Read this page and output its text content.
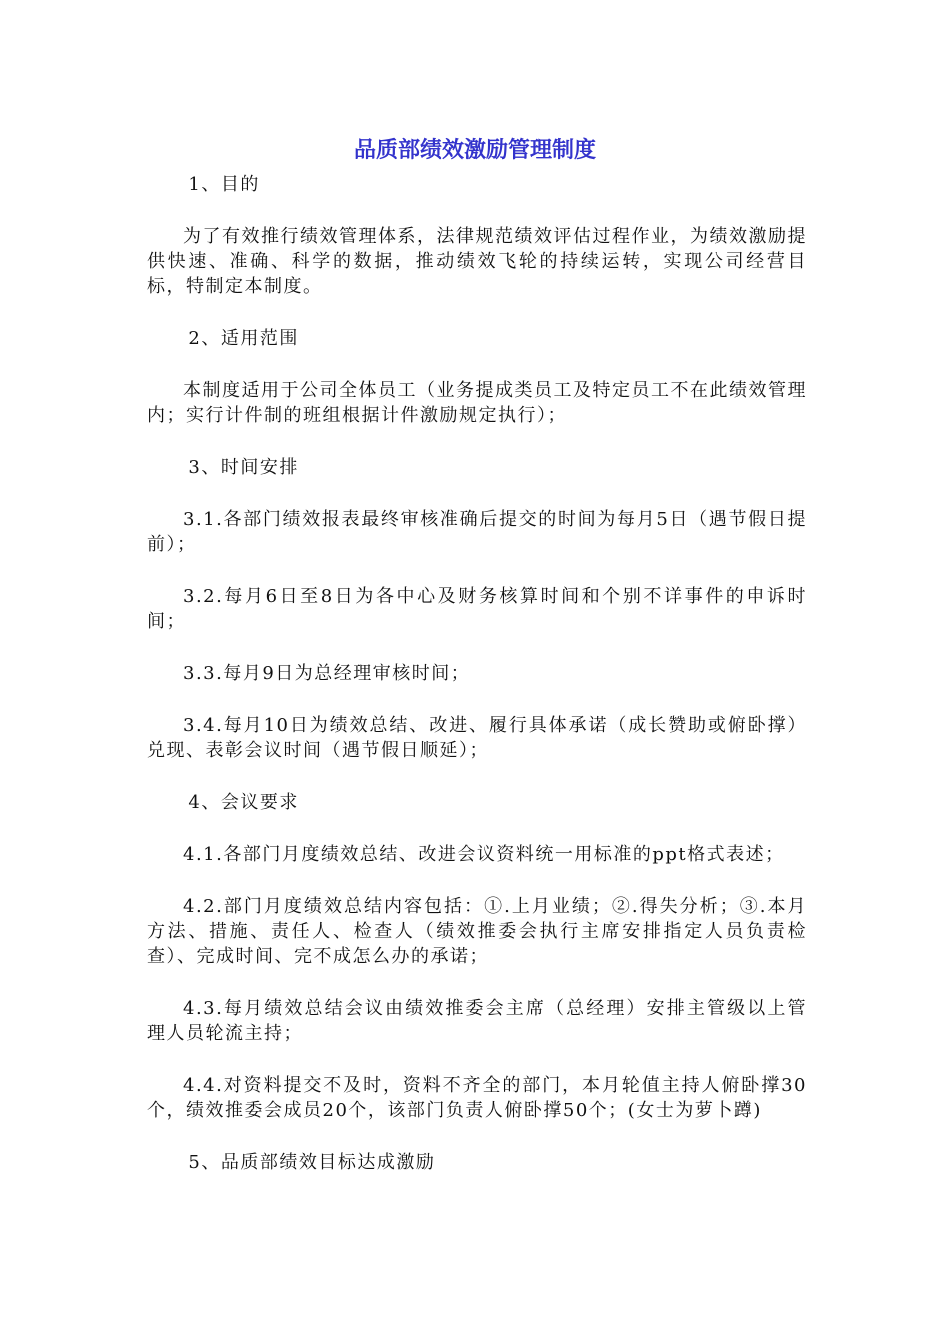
品质部绩效激励管理制度

1、目的

为了有效推行绩效管理体系，法律规范绩效评估过程作业，为绩效激励提供快速、准确、科学的数据，推动绩效飞轮的持续运转，实现公司经营目标，特制定本制度。

2、适用范围

本制度适用于公司全体员工（业务提成类员工及特定员工不在此绩效管理内；实行计件制的班组根据计件激励规定执行）；

3、时间安排

3.1.各部门绩效报表最终审核准确后提交的时间为每月5日（遇节假日提前）；

3.2.每月6日至8日为各中心及财务核算时间和个别不详事件的申诉时间；

3.3.每月9日为总经理审核时间；

3.4.每月10日为绩效总结、改进、履行具体承诺（成长赞助或俯卧撑）兑现、表彰会议时间（遇节假日顺延）；

4、会议要求

4.1.各部门月度绩效总结、改进会议资料统一用标准的ppt格式表述；

4.2.部门月度绩效总结内容包括：①.上月业绩；②.得失分析；③.本月方法、措施、责任人、检查人（绩效推委会执行主席安排指定人员负责检查）、完成时间、完不成怎么办的承诺；

4.3.每月绩效总结会议由绩效推委会主席（总经理）安排主管级以上管理人员轮流主持；

4.4.对资料提交不及时，资料不齐全的部门，本月轮值主持人俯卧撑30个，绩效推委会成员20个，该部门负责人俯卧撑50个；(女士为萝卜蹲)

5、品质部绩效目标达成激励
